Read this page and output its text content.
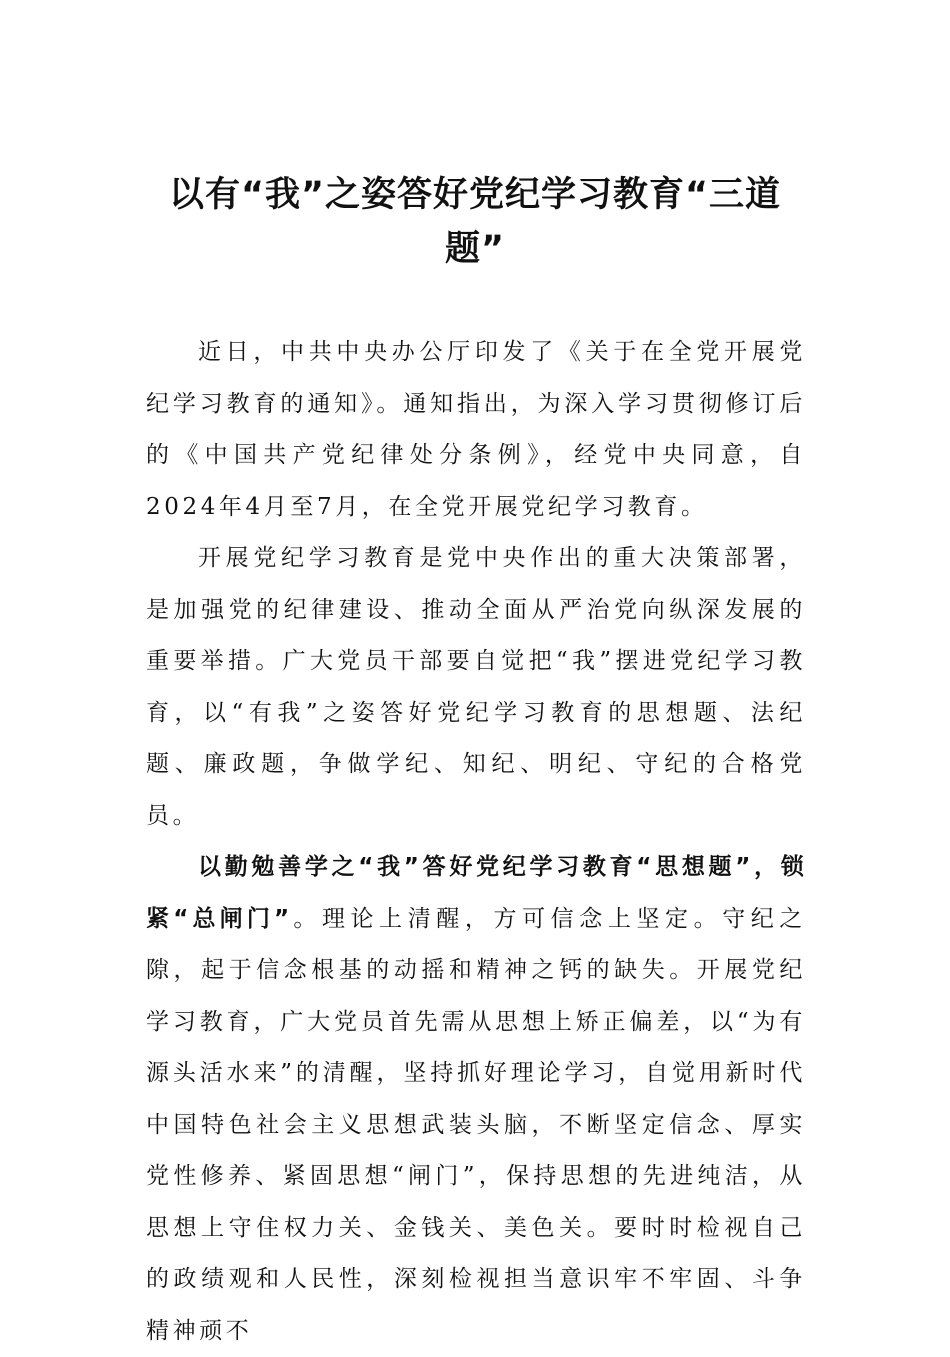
以有“我”之姿答好党纪学习教育“三道题”

近日，中共中央办公厅印发了《关于在全党开展党纪学习教育的通知》。通知指出，为深入学习贯彻修订后的《中国共产党纪律处分条例》，经党中央同意，自2024年4月至7月，在全党开展党纪学习教育。

开展党纪学习教育是党中央作出的重大决策部署，是加强党的纪律建设、推动全面从严治党向纵深发展的重要举措。广大党员干部要自觉把“我”摆进党纪学习教育，以“有我”之姿答好党纪学习教育的思想题、法纪题、廉政题，争做学纪、知纪、明纪、守纪的合格党员。

以勤勉善学之“我”答好党纪学习教育“思想题”，锁紧“总闸门”。理论上清醒，方可信念上坚定。守纪之隙，起于信念根基的动摇和精神之钙的缺失。开展党纪学习教育，广大党员首先需从思想上矫正偏差，以“为有源头活水来”的清醒，坚持抓好理论学习，自觉用新时代中国特色社会主义思想武装头脑，不断坚定信念、厚实党性修养、紧固思想“闸门”，保持思想的先进纯洁，从思想上守住权力关、金钱关、美色关。要时时检视自己的政绩观和人民性，深刻检视担当意识牢不牢固、斗争精神顽不
